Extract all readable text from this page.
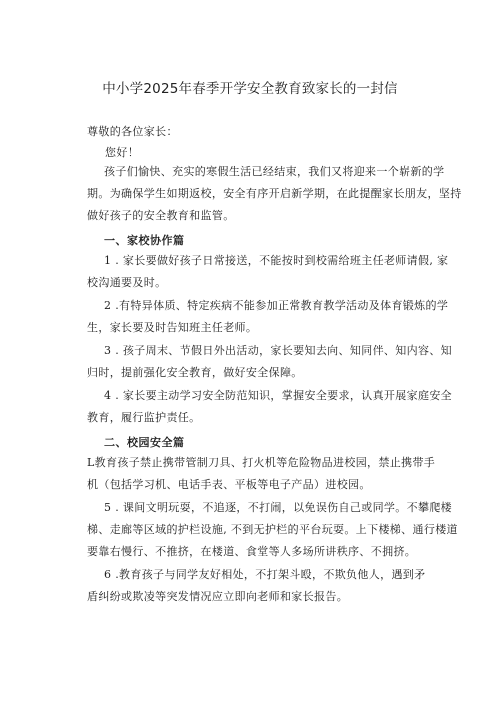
中小学2025年春季开学安全教育致家长的一封信
尊敬的各位家长：
您好！
孩子们愉快、充实的寒假生活已经结束，我们又将迎来一个崭新的学
期。为确保学生如期返校，安全有序开启新学期，在此提醒家长朋友，坚持
做好孩子的安全教育和监管。
一、家校协作篇
1 . 家长要做好孩子日常接送，不能按时到校需给班主任老师请假, 家
校沟通要及时。
2 .有特异体质、特定疾病不能参加正常教育教学活动及体育锻炼的学
生，家长要及时告知班主任老师。
3 . 孩子周末、节假日外出活动，家长要知去向、知同伴、知内容、知
归时，提前强化安全教育，做好安全保障。
4 . 家长要主动学习安全防范知识，掌握安全要求，认真开展家庭安全
教育，履行监护责任。
二、校园安全篇
L教育孩子禁止携带管制刀具、打火机等危险物品进校园，禁止携带手
机（包括学习机、电话手表、平板等电子产品）进校园。
5 . 课间文明玩耍，不追逐，不打闹，以免误伤自己或同学。不攀爬楼
梯、走廊等区域的护栏设施, 不到无护栏的平台玩耍。上下楼梯、通行楼道
要靠右慢行、不推挤，在楼道、食堂等人多场所讲秩序、不拥挤。
6 .教育孩子与同学友好相处，不打架斗殴，不欺负他人，遇到矛
盾纠纷或欺凌等突发情况应立即向老师和家长报告。
